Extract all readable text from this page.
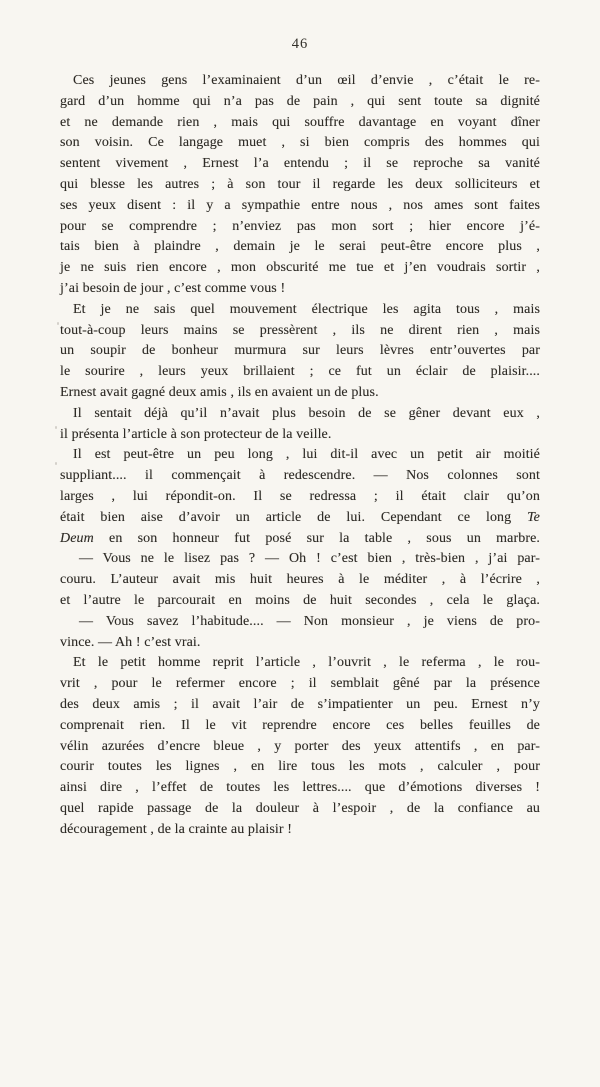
46
Ces jeunes gens l’examinaient d’un œil d’envie , c’était le re-
gard d’un homme qui n’a pas de pain , qui sent toute sa dignité
et ne demande rien , mais qui souffre davantage en voyant dîner
son voisin. Ce langage muet , si bien compris des hommes qui
sentent vivement , Ernest l’a entendu ; il se reproche sa vanité
qui blesse les autres ; à son tour il regarde les deux solliciteurs et
ses yeux disent : il y a sympathie entre nous , nos ames sont faites
pour se comprendre ; n’enviez pas mon sort ; hier encore j’é-
tais bien à plaindre , demain je le serai peut-être encore plus ,
je ne suis rien encore , mon obscurité me tue et j’en voudrais sortir ,
j’ai besoin de jour , c’est comme vous !
Et je ne sais quel mouvement électrique les agita tous , mais
tout-à-coup leurs mains se pressèrent , ils ne dirent rien , mais
un soupir de bonheur murmura sur leurs lèvres entr’ouvertes par
le sourire , leurs yeux brillaient ; ce fut un éclair de plaisir....
Ernest avait gagné deux amis , ils en avaient un de plus.
Il sentait déjà qu’il n’avait plus besoin de se gêner devant eux ,
il présenta l’article à son protecteur de la veille.
Il est peut-être un peu long , lui dit-il avec un petit air moitié
suppliant.... il commençait à redescendre. — Nos colonnes sont
larges , lui répondit-on. Il se redressa ; il était clair qu’on
était bien aise d’avoir un article de lui. Cependant ce long Te
Deum en son honneur fut posé sur la table , sous un marbre.
— Vous ne le lisez pas ? — Oh ! c’est bien , très-bien , j’ai par-
couru. L’auteur avait mis huit heures à le méditer , à l’écrire ,
et l’autre le parcourait en moins de huit secondes , cela le glaça.
— Vous savez l’habitude.... — Non monsieur , je viens de pro-
vince. — Ah ! c’est vrai.
Et le petit homme reprit l’article , l’ouvrit , le referma , le rou-
vrit , pour le refermer encore ; il semblait gêné par la présence
des deux amis ; il avait l’air de s’impatienter un peu. Ernest n’y
comprenait rien. Il le vit reprendre encore ces belles feuilles de
vélin azurées d’encre bleue , y porter des yeux attentifs , en par-
courir toutes les lignes , en lire tous les mots , calculer , pour
ainsi dire , l’effet de toutes les lettres.... que d’émotions diverses !
quel rapide passage de la douleur à l’espoir , de la confiance au
découragement , de la crainte au plaisir !
